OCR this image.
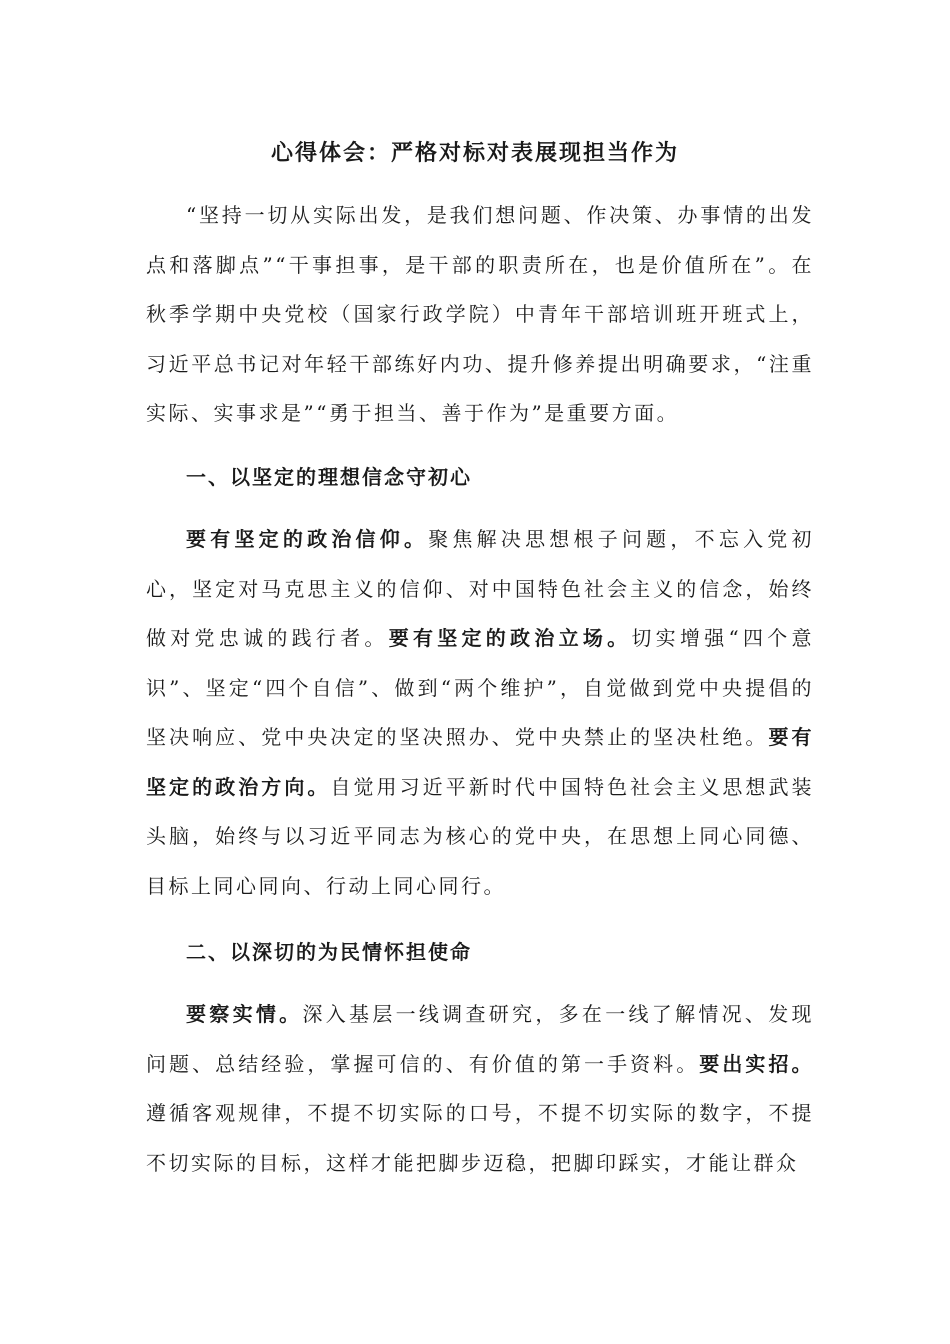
心得体会：严格对标对表展现担当作为

“坚持一切从实际出发，是我们想问题、作决策、办事情的出发点和落脚点”“干事担事，是干部的职责所在，也是价值所在”。在秋季学期中央党校（国家行政学院）中青年干部培训班开班式上，习近平总书记对年轻干部练好内功、提升修养提出明确要求，“注重实际、实事求是”“勇于担当、善于作为”是重要方面。

一、以坚定的理想信念守初心

要有坚定的政治信仰。聚焦解决思想根子问题，不忘入党初心，坚定对马克思主义的信仰、对中国特色社会主义的信念，始终做对党忠诚的践行者。要有坚定的政治立场。切实增强“四个意识”、坚定“四个自信”、做到“两个维护”，自觉做到党中央提倡的坚决响应、党中央决定的坚决照办、党中央禁止的坚决杜绝。要有坚定的政治方向。自觉用习近平新时代中国特色社会主义思想武装头脑，始终与以习近平同志为核心的党中央，在思想上同心同德、目标上同心同向、行动上同心同行。

二、以深切的为民情怀担使命

要察实情。深入基层一线调查研究，多在一线了解情况、发现问题、总结经验，掌握可信的、有价值的第一手资料。要出实招。遵循客观规律，不提不切实际的口号，不提不切实际的数字，不提不切实际的目标，这样才能把脚步迈稳，把脚印踩实，才能让群众
